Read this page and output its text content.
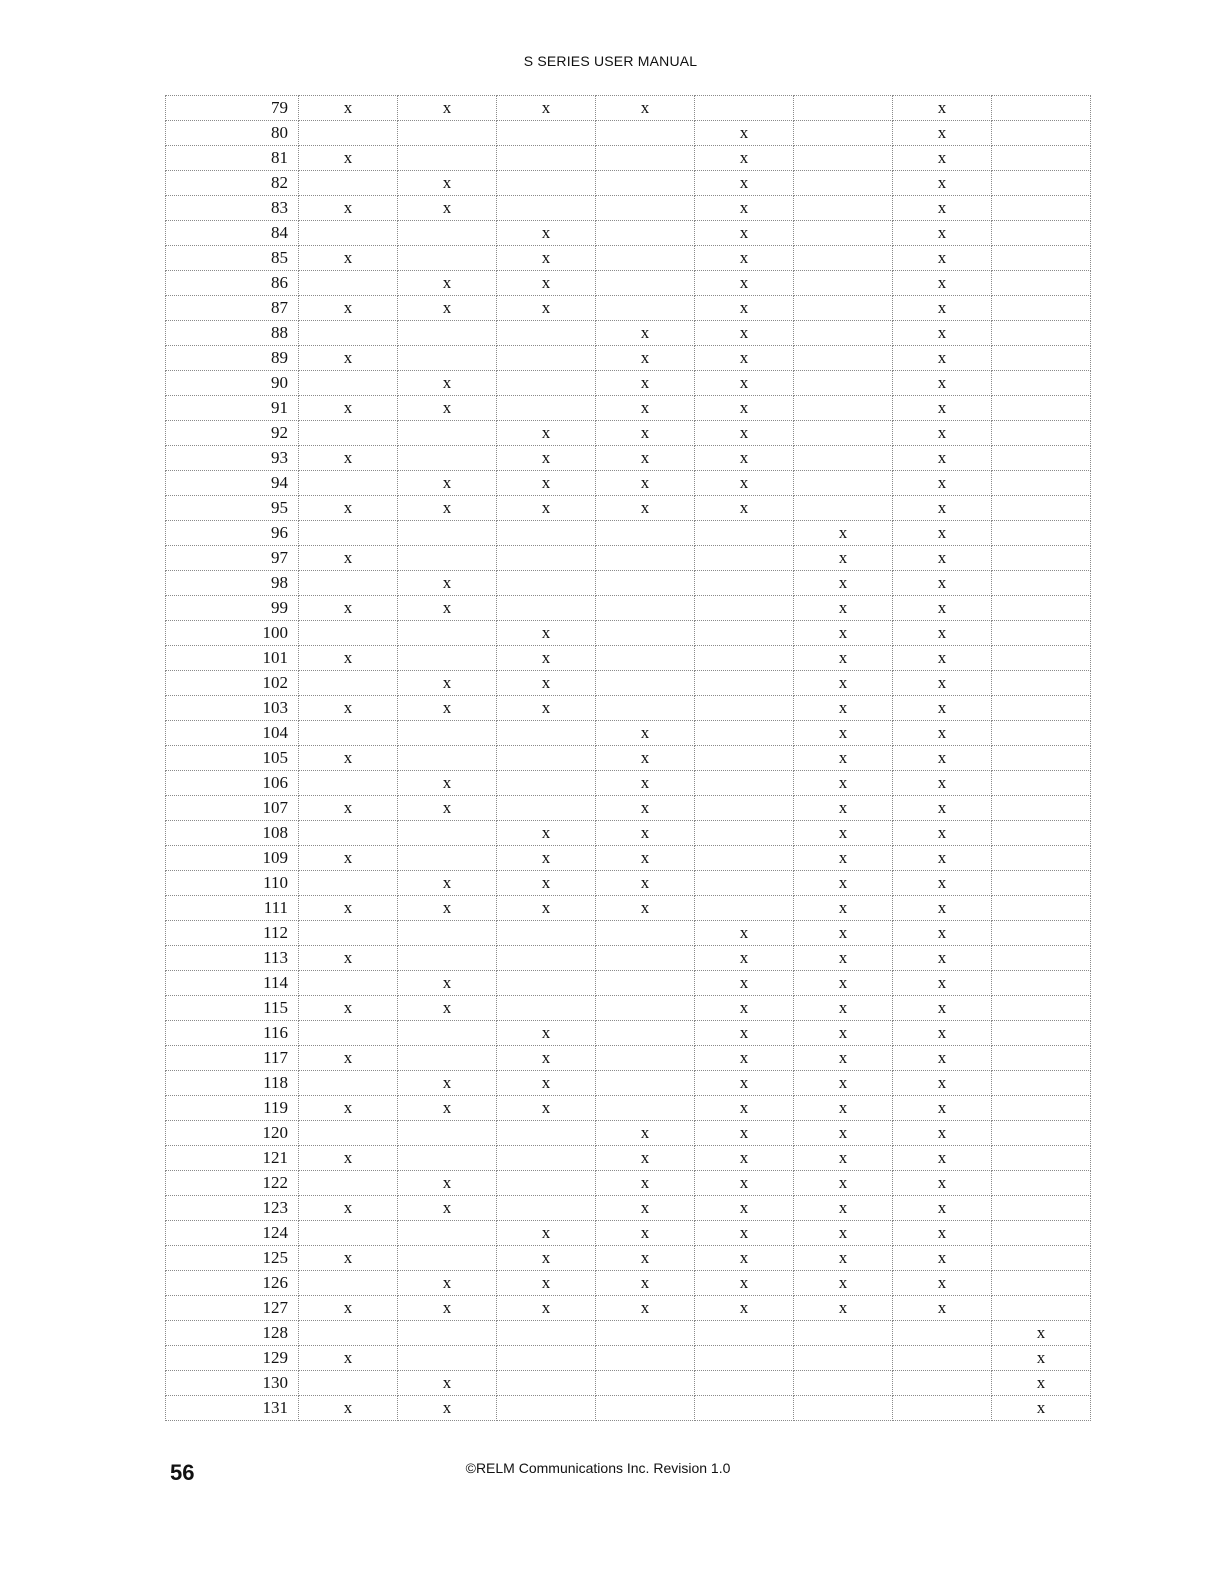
S SERIES USER MANUAL
79	x	x	x	x			x	
80					x		x	
81	x				x		x	
82		x			x		x	
83	x	x			x		x	
84			x		x		x	
85	x		x		x		x	
86		x	x		x		x	
87	x	x	x		x		x	
88				x	x		x	
89	x			x	x		x	
90		x		x	x		x	
91	x	x		x	x		x	
92			x	x	x		x	
93	x		x	x	x		x	
94		x	x	x	x		x	
95	x	x	x	x	x		x	
96						x	x	
97	x					x	x	
98		x				x	x	
99	x	x				x	x	
100			x			x	x	
101	x		x			x	x	
102		x	x			x	x	
103	x	x	x			x	x	
104				x		x	x	
105	x			x		x	x	
106		x		x		x	x	
107	x	x		x		x	x	
108			x	x		x	x	
109	x		x	x		x	x	
110		x	x	x		x	x	
111	x	x	x	x		x	x	
112					x	x	x	
113	x				x	x	x	
114		x			x	x	x	
115	x	x			x	x	x	
116			x		x	x	x	
117	x		x		x	x	x	
118		x	x		x	x	x	
119	x	x	x		x	x	x	
120				x	x	x	x	
121	x			x	x	x	x	
122		x		x	x	x	x	
123	x	x		x	x	x	x	
124			x	x	x	x	x	
125	x		x	x	x	x	x	
126		x	x	x	x	x	x	
127	x	x	x	x	x	x	x	
128								x
129	x							x
130		x						x
131	x	x						x
56	©RELM Communications Inc. Revision 1.0
